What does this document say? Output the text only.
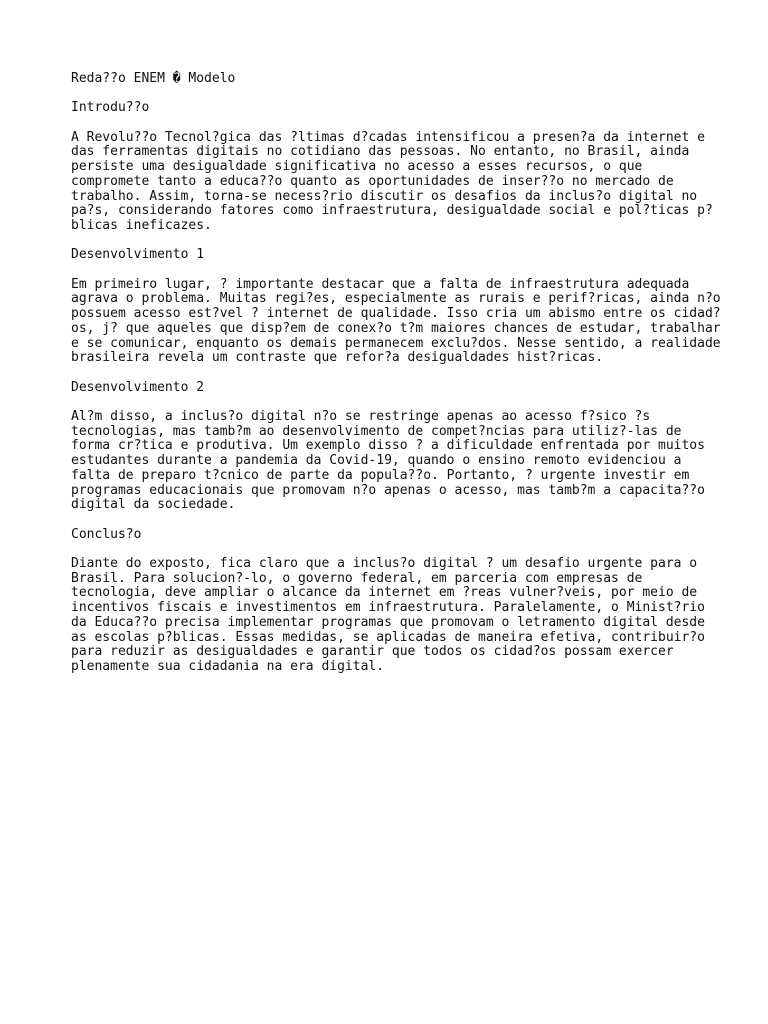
Reda??o ENEM � Modelo

Introdu??o

A Revolu??o Tecnol?gica das ?ltimas d?cadas intensificou a presen?a da internet e
das ferramentas digitais no cotidiano das pessoas. No entanto, no Brasil, ainda
persiste uma desigualdade significativa no acesso a esses recursos, o que
compromete tanto a educa??o quanto as oportunidades de inser??o no mercado de
trabalho. Assim, torna-se necess?rio discutir os desafios da inclus?o digital no
pa?s, considerando fatores como infraestrutura, desigualdade social e pol?ticas p?
blicas ineficazes.

Desenvolvimento 1

Em primeiro lugar, ? importante destacar que a falta de infraestrutura adequada
agrava o problema. Muitas regi?es, especialmente as rurais e perif?ricas, ainda n?o
possuem acesso est?vel ? internet de qualidade. Isso cria um abismo entre os cidad?
os, j? que aqueles que disp?em de conex?o t?m maiores chances de estudar, trabalhar
e se comunicar, enquanto os demais permanecem exclu?dos. Nesse sentido, a realidade
brasileira revela um contraste que refor?a desigualdades hist?ricas.

Desenvolvimento 2

Al?m disso, a inclus?o digital n?o se restringe apenas ao acesso f?sico ?s
tecnologias, mas tamb?m ao desenvolvimento de compet?ncias para utiliz?-las de
forma cr?tica e produtiva. Um exemplo disso ? a dificuldade enfrentada por muitos
estudantes durante a pandemia da Covid-19, quando o ensino remoto evidenciou a
falta de preparo t?cnico de parte da popula??o. Portanto, ? urgente investir em
programas educacionais que promovam n?o apenas o acesso, mas tamb?m a capacita??o
digital da sociedade.

Conclus?o

Diante do exposto, fica claro que a inclus?o digital ? um desafio urgente para o
Brasil. Para solucion?-lo, o governo federal, em parceria com empresas de
tecnologia, deve ampliar o alcance da internet em ?reas vulner?veis, por meio de
incentivos fiscais e investimentos em infraestrutura. Paralelamente, o Minist?rio
da Educa??o precisa implementar programas que promovam o letramento digital desde
as escolas p?blicas. Essas medidas, se aplicadas de maneira efetiva, contribuir?o
para reduzir as desigualdades e garantir que todos os cidad?os possam exercer
plenamente sua cidadania na era digital.
